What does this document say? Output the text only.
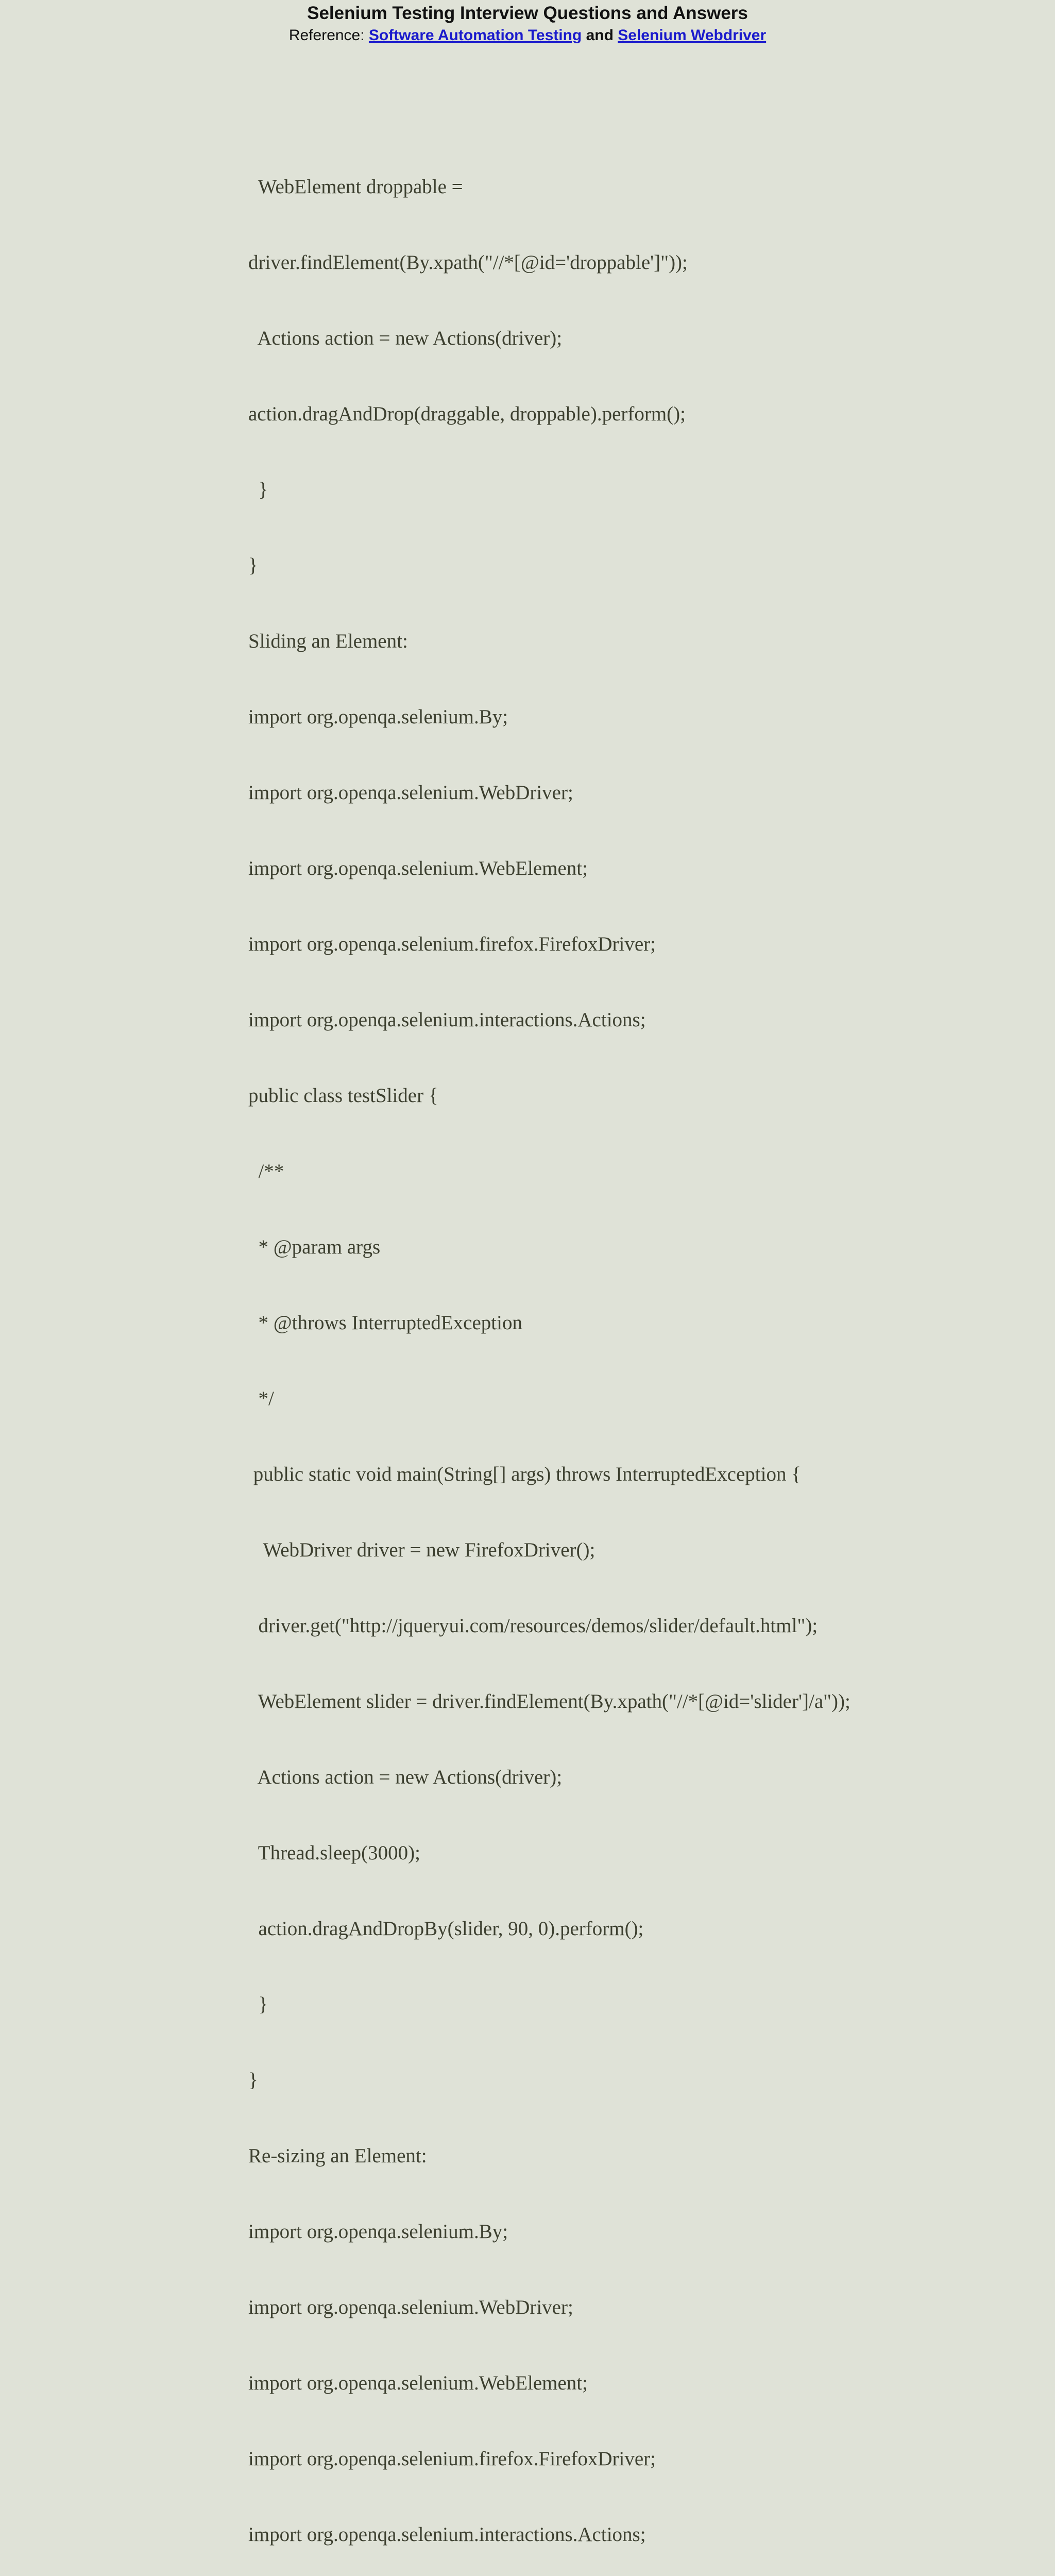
Selenium Testing Interview Questions and Answers
Reference: Software Automation Testing and Selenium Webdriver

WebElement droppable =

driver.findElement(By.xpath("//*[@id='droppable']"));

Actions action = new Actions(driver);

action.dragAndDrop(draggable, droppable).perform();

}

}

Sliding an Element:

import org.openqa.selenium.By;

import org.openqa.selenium.WebDriver;

import org.openqa.selenium.WebElement;

import org.openqa.selenium.firefox.FirefoxDriver;

import org.openqa.selenium.interactions.Actions;

public class testSlider {

/**

* @param args

* @throws InterruptedException

*/

public static void main(String[] args) throws InterruptedException {

WebDriver driver = new FirefoxDriver();

driver.get("http://jqueryui.com/resources/demos/slider/default.html");

WebElement slider = driver.findElement(By.xpath("//*[@id='slider']/a"));

Actions action = new Actions(driver);

Thread.sleep(3000);

action.dragAndDropBy(slider, 90, 0).perform();

}

}

Re-sizing an Element:

import org.openqa.selenium.By;

import org.openqa.selenium.WebDriver;

import org.openqa.selenium.WebElement;

import org.openqa.selenium.firefox.FirefoxDriver;

import org.openqa.selenium.interactions.Actions;
